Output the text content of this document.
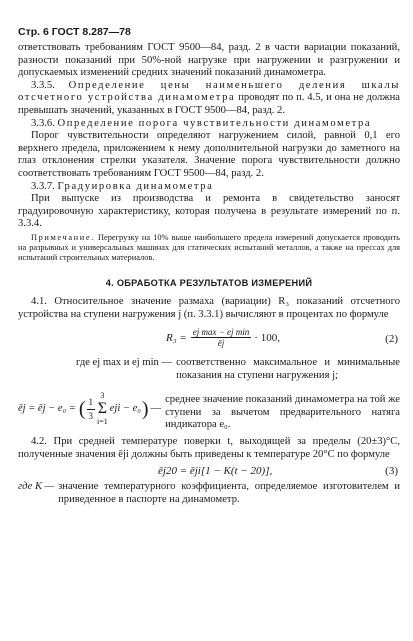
Стр. 6 ГОСТ 8.287—78
ответствовать требованиям ГОСТ 9500—84, разд. 2 в части вариации показаний, разности показаний при 50%-ной нагрузке при нагружении и разгружении и допускаемых изменений средних значений показаний динамометра.
3.3.5. Определение цены наименьшего деления шкалы отсчетного устройства динамометра проводят по п. 4.5, и она не должна превышать значений, указанных в ГОСТ 9500—84, разд. 2.
3.3.6. Определение порога чувствительности динамометра
Порог чувствительности определяют нагружением силой, равной 0,1 его верхнего предела, приложением к нему дополнительной нагрузки до заметного на глаз отклонения стрелки указателя. Значение порога чувствительности должно соответствовать требованиям ГОСТ 9500—84, разд. 2.
3.3.7. Градуировка динамометра
При выпуске из производства и ремонта в свидетельство заносят градуировочную характеристику, которая получена в результате измерений по п. 3.3.4.
Примечание. Перегрузку на 10% выше наибольшего предела измерений допускается проводить на разрывных и универсальных машинах для статических испытаний металлов, а также на прессах для испытаний строительных материалов.
4. ОБРАБОТКА РЕЗУЛЬТАТОВ ИЗМЕРЕНИЙ
4.1. Относительное значение размаха (вариации) R₃ показаний отсчетного устройства на ступени нагружения j (п. 3.3.1) вычисляют в процентах по формуле
$R_3 = \frac{\text{ej max − ej min}}{ēj} \cdot 100$,	(2)
где ej max и ej min — соответственно максимальное и минимальные показания на ступени нагружения j;
ēj = ēj − e₀ = ( $\frac{1}{3}$
3
Σ
i=1
eji − e₀ ) —
среднее значение показаний динамометра на той же ступени за вычетом предварительного натяга индикатора e₀.
4.2. При средней температуре поверки t, выходящей за пределы (20±3)°С, полученные значения ēji должны быть приведены к температуре 20°С по формуле
ēj20 = ēji[1 − K(t − 20)],	(3)
где K — значение температурного коэффициента, определяемое изготовителем и приведенное в паспорте на динамометр.
